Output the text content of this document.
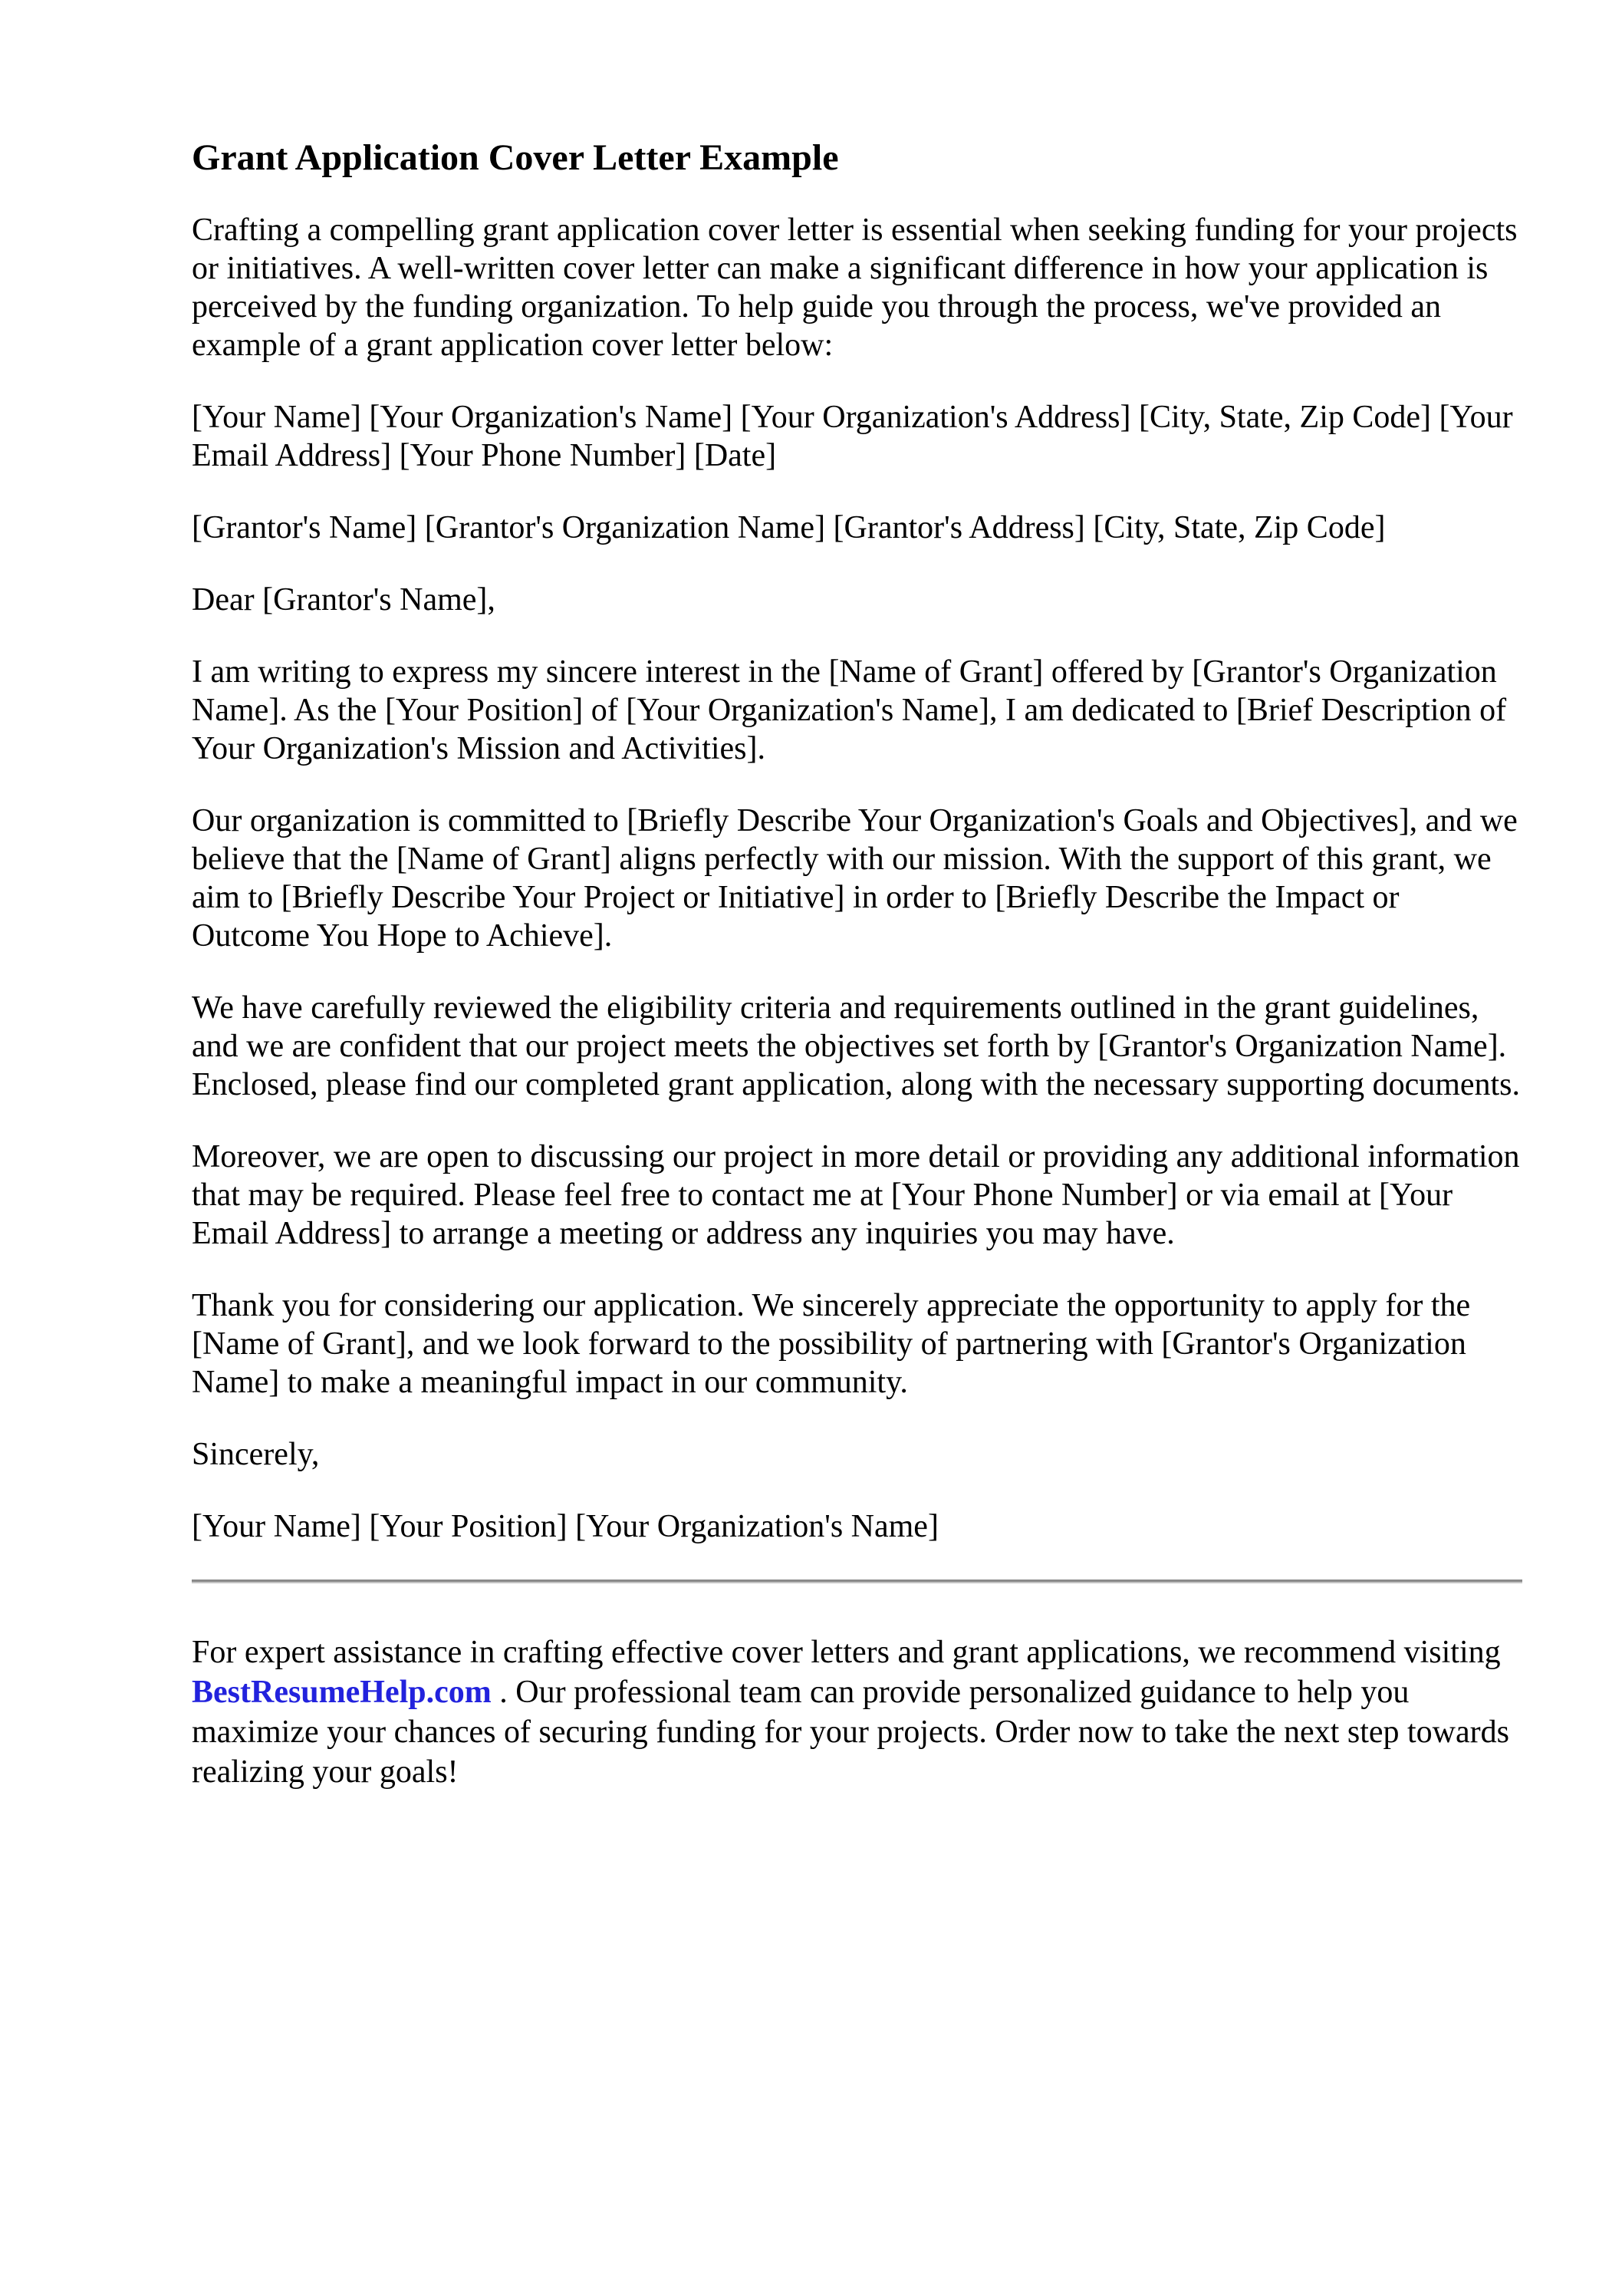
Grant Application Cover Letter Example

Crafting a compelling grant application cover letter is essential when seeking funding for your projects or initiatives. A well-written cover letter can make a significant difference in how your application is perceived by the funding organization. To help guide you through the process, we've provided an example of a grant application cover letter below:

[Your Name] [Your Organization's Name] [Your Organization's Address] [City, State, Zip Code] [Your Email Address] [Your Phone Number] [Date]

[Grantor's Name] [Grantor's Organization Name] [Grantor's Address] [City, State, Zip Code]

Dear [Grantor's Name],

I am writing to express my sincere interest in the [Name of Grant] offered by [Grantor's Organization Name]. As the [Your Position] of [Your Organization's Name], I am dedicated to [Brief Description of Your Organization's Mission and Activities].

Our organization is committed to [Briefly Describe Your Organization's Goals and Objectives], and we believe that the [Name of Grant] aligns perfectly with our mission. With the support of this grant, we aim to [Briefly Describe Your Project or Initiative] in order to [Briefly Describe the Impact or Outcome You Hope to Achieve].

We have carefully reviewed the eligibility criteria and requirements outlined in the grant guidelines, and we are confident that our project meets the objectives set forth by [Grantor's Organization Name]. Enclosed, please find our completed grant application, along with the necessary supporting documents.

Moreover, we are open to discussing our project in more detail or providing any additional information that may be required. Please feel free to contact me at [Your Phone Number] or via email at [Your Email Address] to arrange a meeting or address any inquiries you may have.

Thank you for considering our application. We sincerely appreciate the opportunity to apply for the [Name of Grant], and we look forward to the possibility of partnering with [Grantor's Organization Name] to make a meaningful impact in our community.

Sincerely,

[Your Name] [Your Position] [Your Organization's Name]

For expert assistance in crafting effective cover letters and grant applications, we recommend visiting BestResumeHelp.com . Our professional team can provide personalized guidance to help you maximize your chances of securing funding for your projects. Order now to take the next step towards realizing your goals!
